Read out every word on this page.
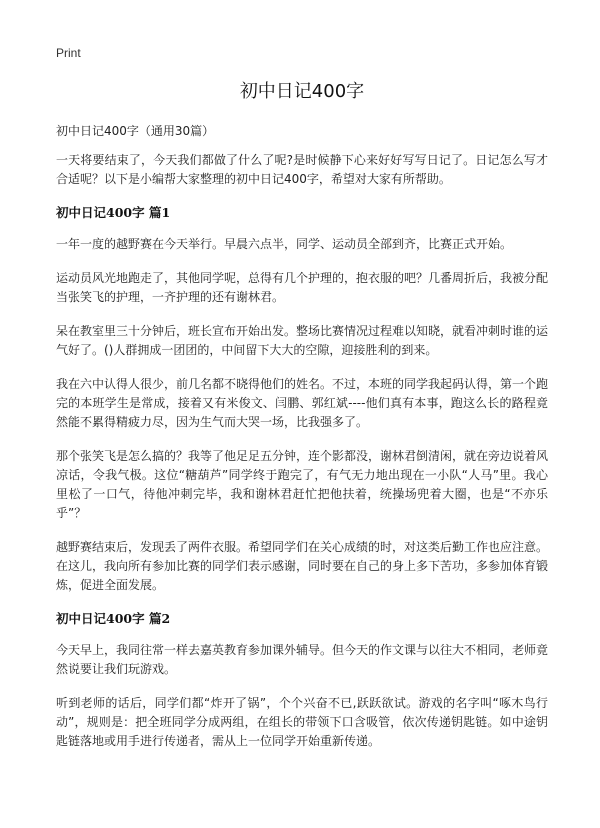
Print
初中日记400字
初中日记400字（通用30篇）

一天将要结束了，今天我们都做了什么了呢?是时候静下心来好好写写日记了。日记怎么写才合适呢？以下是小编帮大家整理的初中日记400字，希望对大家有所帮助。

初中日记400字 篇1

一年一度的越野赛在今天举行。早晨六点半，同学、运动员全部到齐，比赛正式开始。

运动员风光地跑走了，其他同学呢，总得有几个护理的，抱衣服的吧？几番周折后，我被分配当张笑飞的护理，一齐护理的还有谢林君。

呆在教室里三十分钟后，班长宣布开始出发。整场比赛情况过程难以知晓，就看冲刺时谁的运气好了。()人群拥成一团团的，中间留下大大的空隙，迎接胜利的到来。

我在六中认得人很少，前几名都不晓得他们的姓名。不过，本班的同学我起码认得，第一个跑完的本班学生是常成，接着又有米俊文、闫鹏、郭红斌----他们真有本事，跑这么长的路程竟然能不累得精疲力尽，因为生气而大哭一场，比我强多了。

那个张笑飞是怎么搞的？我等了他足足五分钟，连个影都没，谢林君倒清闲，就在旁边说着风凉话，令我气极。这位“糖葫芦”同学终于跑完了，有气无力地出现在一小队“人马”里。我心里松了一口气，待他冲刺完毕，我和谢林君赶忙把他扶着，统操场兜着大圈，也是“不亦乐乎”？

越野赛结束后，发现丢了两件衣服。希望同学们在关心成绩的时，对这类后勤工作也应注意。在这儿，我向所有参加比赛的同学们表示感谢，同时要在自己的身上多下苦功，多参加体育锻炼，促进全面发展。

初中日记400字 篇2

今天早上，我同往常一样去嘉英教育参加课外辅导。但今天的作文课与以往大不相同，老师竟然说要让我们玩游戏。

听到老师的话后，同学们都“炸开了锅”，个个兴奋不已,跃跃欲试。游戏的名字叫“啄木鸟行动”，规则是：把全班同学分成两组，在组长的带领下口含吸管，依次传递钥匙链。如中途钥匙链落地或用手进行传递者，需从上一位同学开始重新传递。
